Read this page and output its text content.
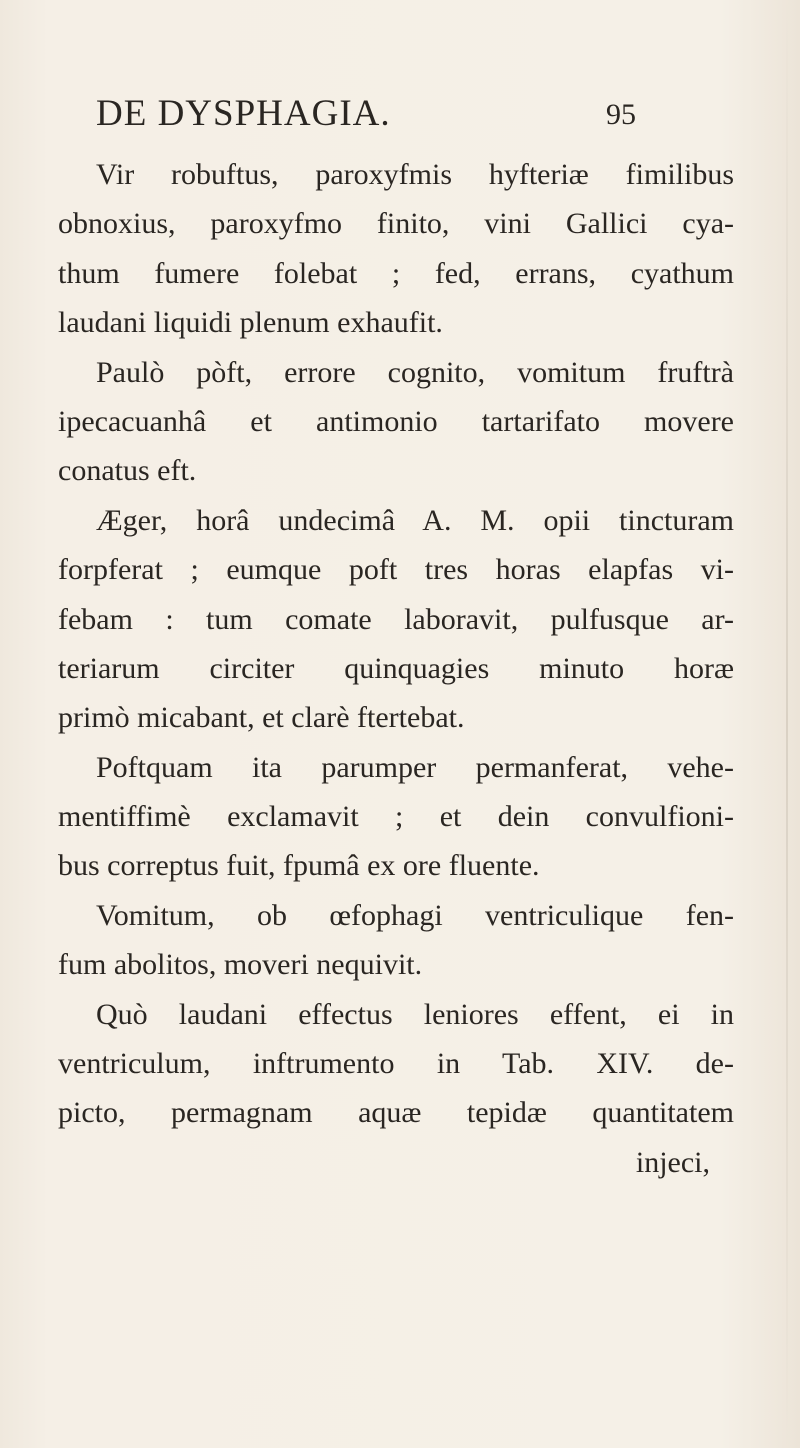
DE DYSPHAGIA.	95
Vir robuftus, paroxyfmis hyfteriæ fimilibus
obnoxius, paroxyfmo finito, vini Gallici cya-
thum fumere folebat ; fed, errans, cyathum
laudani liquidi plenum exhaufit.
Paulò pòft, errore cognito, vomitum fruftrà
ipecacuanhâ et antimonio tartarifato movere
conatus eft.
Æger, horâ undecimâ A. M. opii tincturam
forpferat ; eumque poft tres horas elapfas vi-
febam : tum comate laboravit, pulfusque ar-
teriarum circiter quinquagies minuto horæ
primò micabant, et clarè ftertebat.
Poftquam ita parumper permanferat, vehe-
mentiffimè exclamavit ; et dein convulfioni-
bus correptus fuit, fpumâ ex ore fluente.
Vomitum, ob œfophagi ventriculique fen-
fum abolitos, moveri nequivit.
Quò laudani effectus leniores effent, ei in
ventriculum, inftrumento in Tab. XIV. de-
picto, permagnam aquæ tepidæ quantitatem
injeci,
